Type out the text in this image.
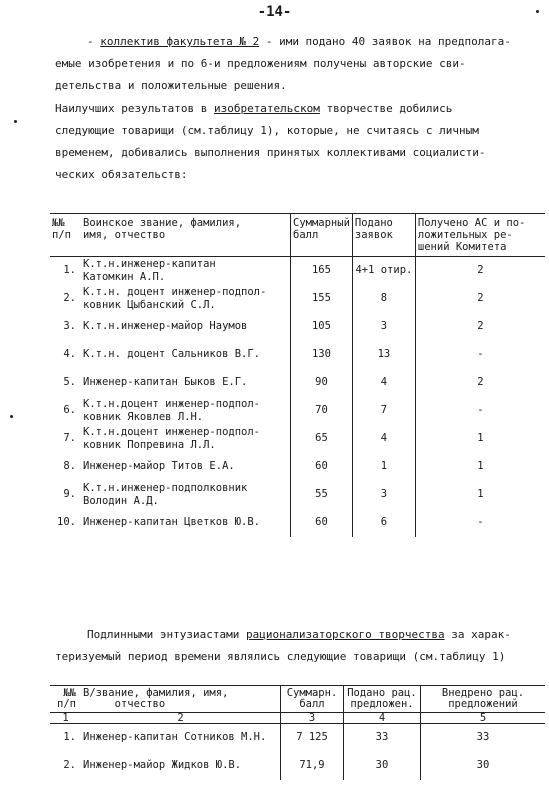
-14-

- коллектив факультета № 2 - ими подано 40 заявок на предполага-

емые изобретения и по 6-и предложениям получены авторские сви-

детельства и положительные решения.

Наилучших результатов в изобретательском творчестве добились

следующие товарищи (см.таблицу 1), которые, не считаясь с личным

временем, добивались выполнения принятых коллективами социалисти-

ческих обязательств:

№№
п/п	Воинское звание, фамилия,
имя, отчество	Суммарный
балл	Подано
заявок	Получено АС и по-
ложительных ре-
шений Комитета
1.	К.т.н.инженер-капитан
Катомкин А.П.	165	4+1 отир.	2
2.	К.т.н. доцент инженер-подпол-
ковник Цыбанский С.Л.	155	8	2
3.	К.т.н.инженер-майор Наумов	105	3	2
4.	К.т.н. доцент Сальников В.Г.	130	13	-
5.	Инженер-капитан Быков Е.Г.	90	4	2
6.	К.т.н.доцент инженер-подпол-
ковник Яковлев Л.Н.	70	7	-
7.	К.т.н.доцент инженер-подпол-
ковник Попревина Л.Л.	65	4	1
8.	Инженер-майор Титов Е.А.	60	1	1
9.	К.т.н.инженер-подполковник
Володин А.Д.	55	3	1
10.	Инженер-капитан Цветков Ю.В.	60	6	-

Подлинными энтузиастами рационализаторского творчества за харак-

теризуемый период времени являлись следующие товарищи (см.таблицу 1)

№№
п/п	В/звание, фамилия, имя,
отчество	Суммарн.
балл	Подано рац.
предложен.	Внедрено рац.
предложений
1	2	3	4	5
1.	Инженер-капитан Сотников М.Н.	7 125	33	33
2.	Инженер-майор Жидков Ю.В.	71,9	30	30
